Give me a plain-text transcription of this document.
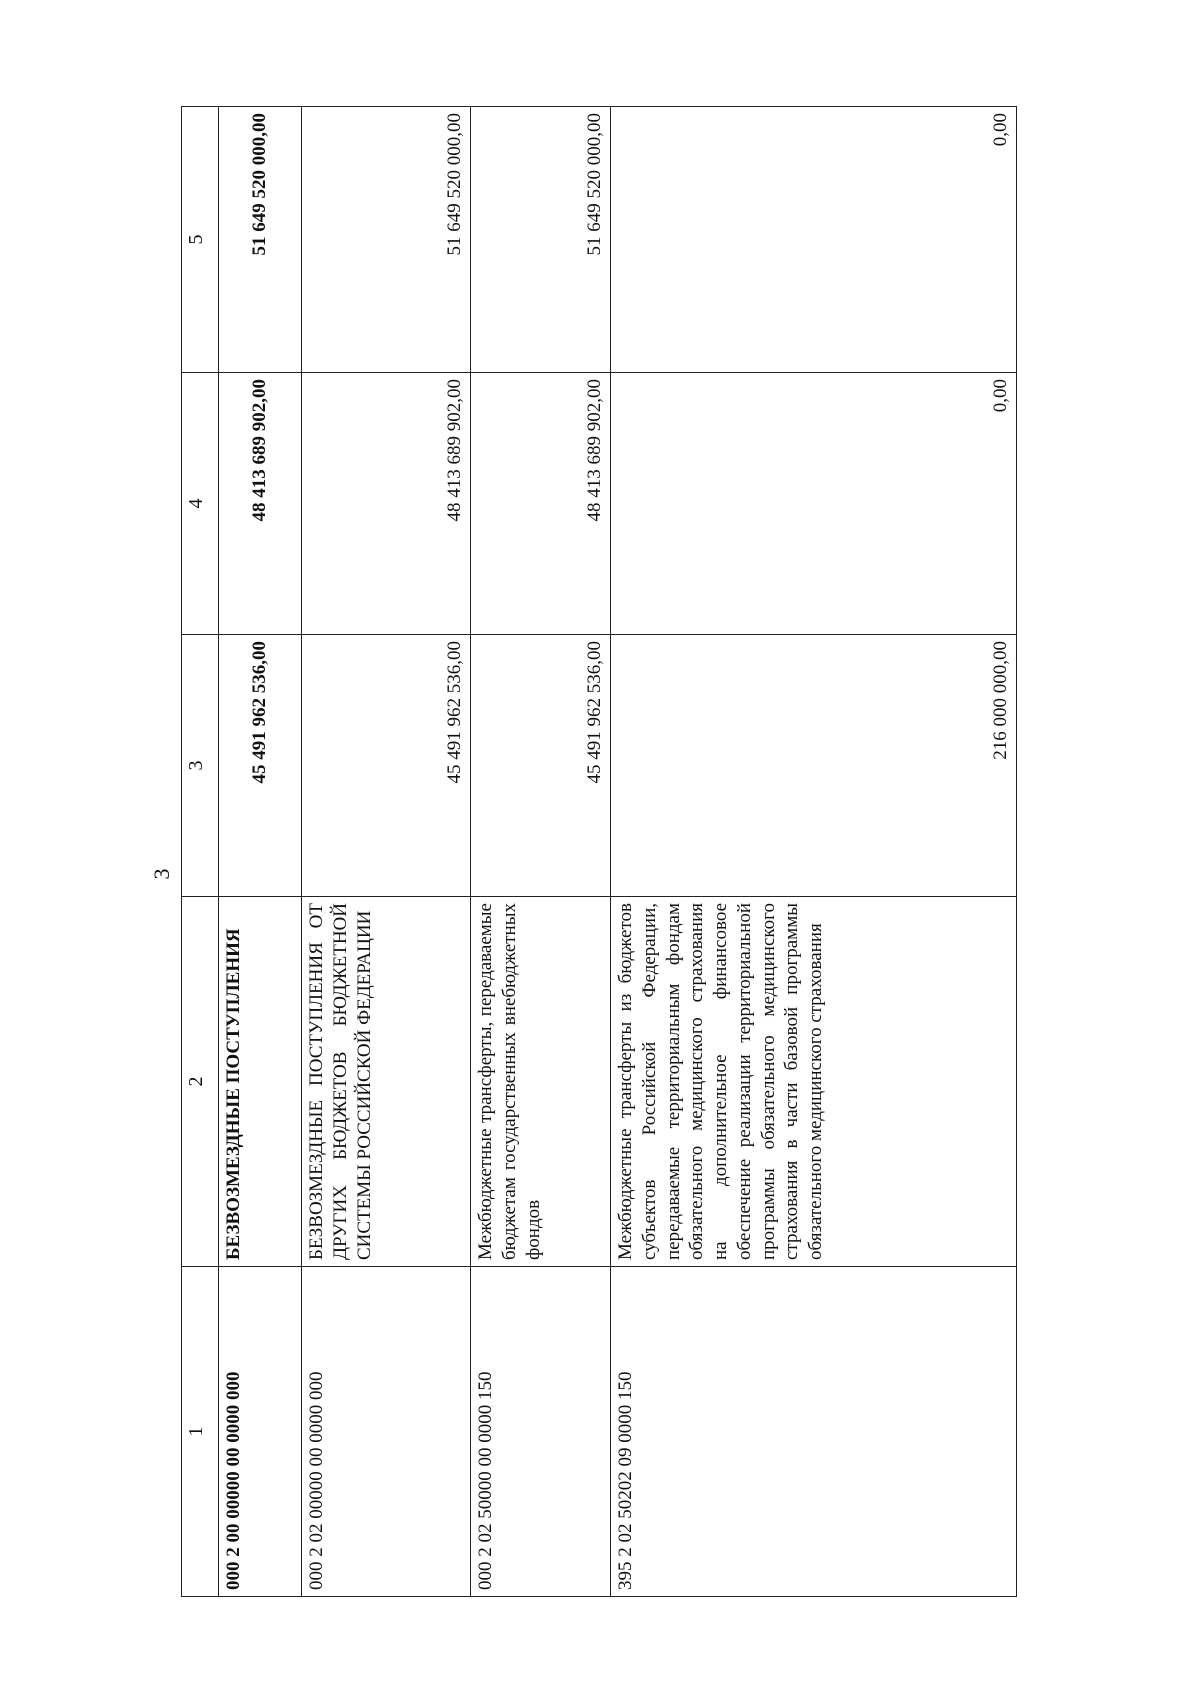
3
1	2	3	4	5
000 2 00 00000 00 0000 000	БЕЗВОЗМЕЗДНЫЕ ПОСТУПЛЕНИЯ	45 491 962 536,00	48 413 689 902,00	51 649 520 000,00
000 2 02 00000 00 0000 000	БЕЗВОЗМЕЗДНЫЕ ПОСТУПЛЕНИЯ ОТ ДРУГИХ БЮДЖЕТОВ БЮДЖЕТНОЙ СИСТЕМЫ РОССИЙСКОЙ ФЕДЕРАЦИИ	45 491 962 536,00	48 413 689 902,00	51 649 520 000,00
000 2 02 50000 00 0000 150	Межбюджетные трансферты, передаваемые бюджетам государственных внебюджетных фондов	45 491 962 536,00	48 413 689 902,00	51 649 520 000,00
395 2 02 50202 09 0000 150	Межбюджетные трансферты из бюджетов субъектов Российской Федерации, передаваемые территориальным фондам обязательного медицинского страхования на дополнительное финансовое обеспечение реализации территориальной программы обязательного медицинского страхования в части базовой программы обязательного медицинского страхования	216 000 000,00	0,00	0,00
